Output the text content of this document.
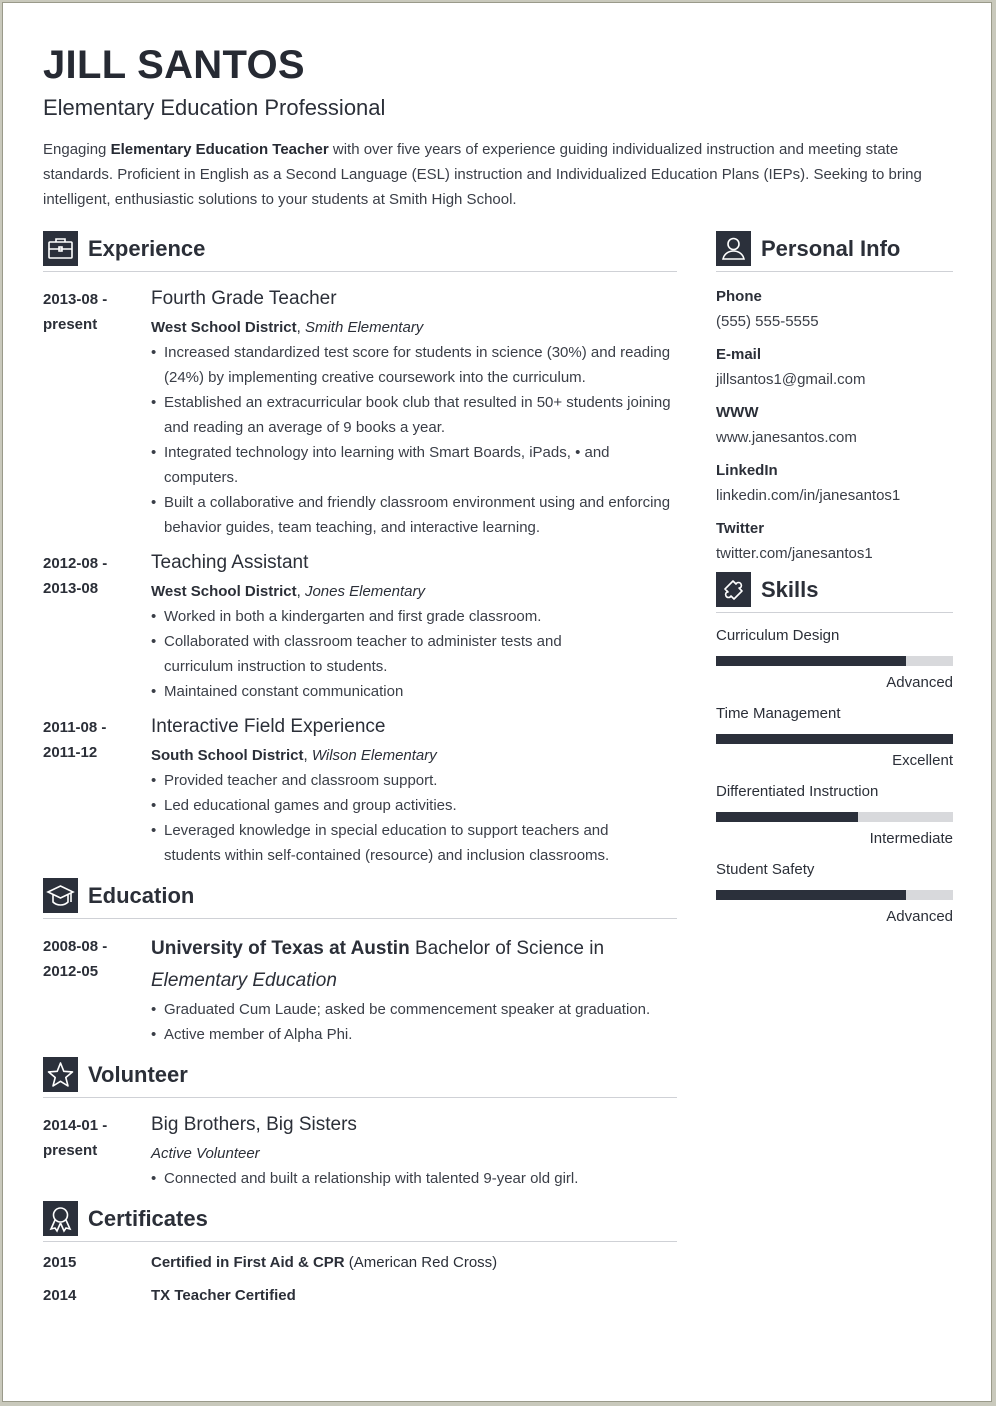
JILL SANTOS
Elementary Education Professional
Engaging Elementary Education Teacher with over five years of experience guiding individualized instruction and meeting state standards. Proficient in English as a Second Language (ESL) instruction and Individualized Education Plans (IEPs). Seeking to bring intelligent, enthusiastic solutions to your students at Smith High School.
Experience
2013-08 -
present
Fourth Grade Teacher
West School District, Smith Elementary
• Increased standardized test score for students in science (30%) and reading (24%) by implementing creative coursework into the curriculum.
• Established an extracurricular book club that resulted in 50+ students joining and reading an average of 9 books a year.
• Integrated technology into learning with Smart Boards, iPads, • and computers.
• Built a collaborative and friendly classroom environment using and enforcing behavior guides, team teaching, and interactive learning.
2012-08 -
2013-08
Teaching Assistant
West School District, Jones Elementary
• Worked in both a kindergarten and first grade classroom.
• Collaborated with classroom teacher to administer tests and curriculum instruction to students.
• Maintained constant communication
2011-08 -
2011-12
Interactive Field Experience
South School District, Wilson Elementary
• Provided teacher and classroom support.
• Led educational games and group activities.
• Leveraged knowledge in special education to support teachers and students within self-contained (resource) and inclusion classrooms.
Education
2008-08 -
2012-05
University of Texas at Austin Bachelor of Science in
Elementary Education
• Graduated Cum Laude; asked be commencement speaker at graduation.
• Active member of Alpha Phi.
Volunteer
2014-01 -
present
Big Brothers, Big Sisters
Active Volunteer
• Connected and built a relationship with talented 9-year old girl.
Certificates
2015	Certified in First Aid & CPR (American Red Cross)
2014	TX Teacher Certified
Personal Info
Phone
(555) 555-5555
E-mail
jillsantos1@gmail.com
WWW
www.janesantos.com
LinkedIn
linkedin.com/in/janesantos1
Twitter
twitter.com/janesantos1
Skills
Curriculum Design
Advanced
Time Management
Excellent
Differentiated Instruction
Intermediate
Student Safety
Advanced
